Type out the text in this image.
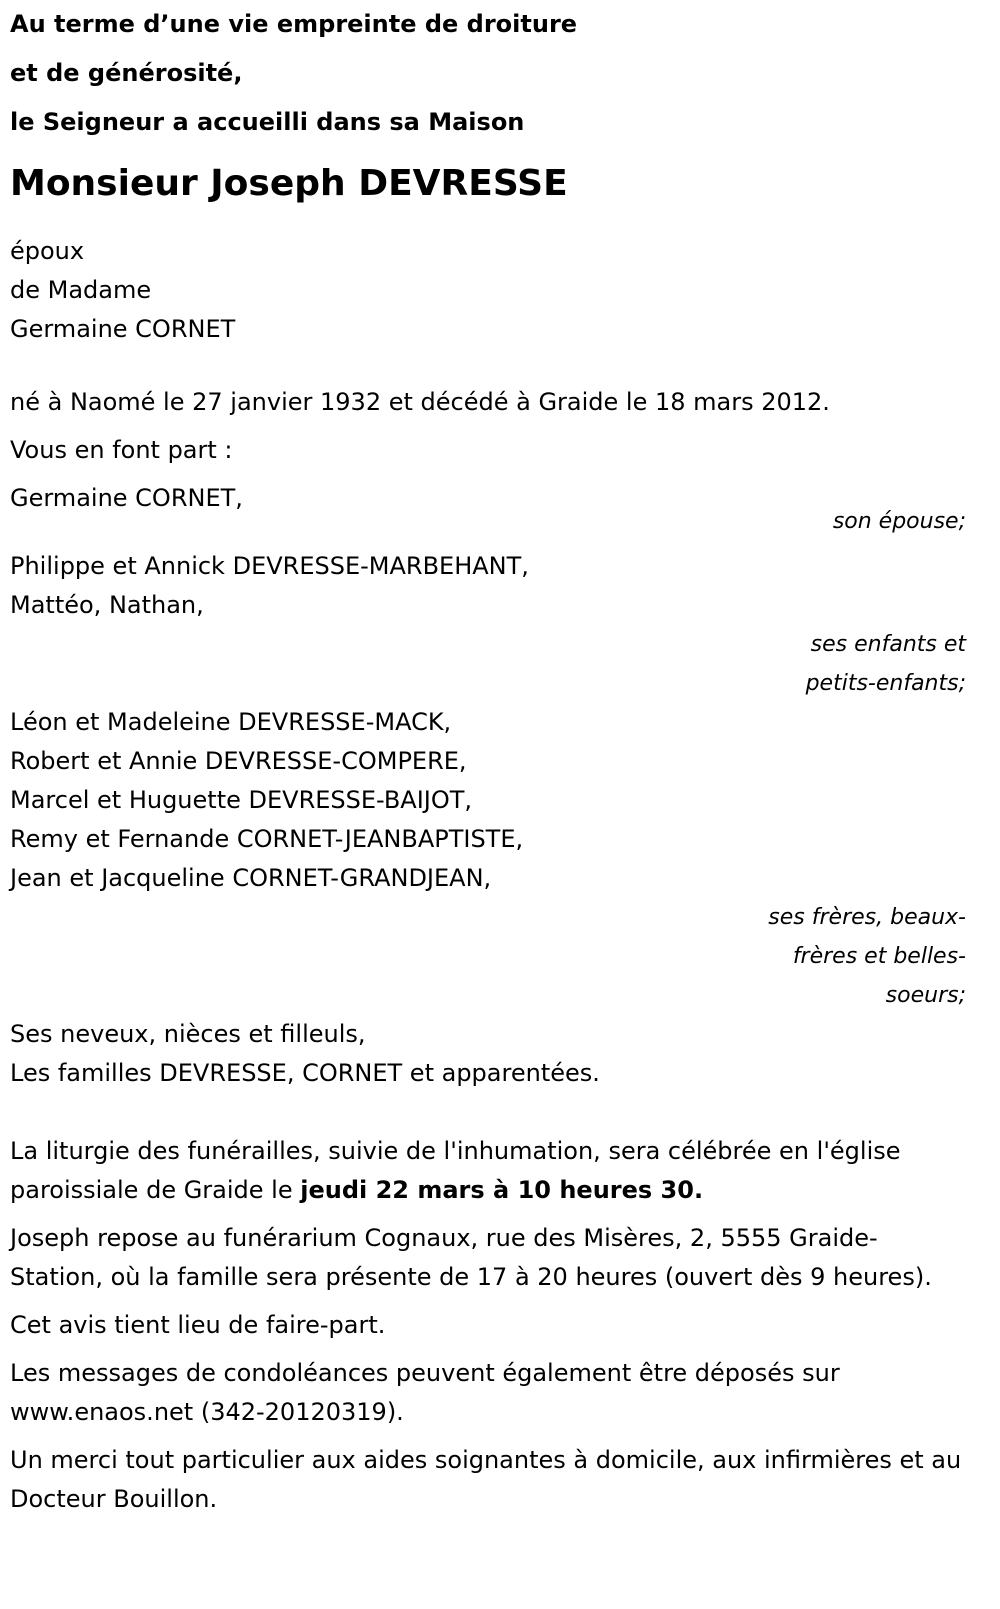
Au terme d’une vie empreinte de droiture
et de générosité,
le Seigneur a accueilli dans sa Maison
Monsieur Joseph DEVRESSE
époux
de Madame
Germaine CORNET
né à Naomé le 27 janvier 1932 et décédé à Graide le 18 mars 2012.
Vous en font part :
Germaine CORNET,
son épouse;
Philippe et Annick DEVRESSE-MARBEHANT,
Mattéo, Nathan,
ses enfants et
petits-enfants;
Léon et Madeleine DEVRESSE-MACK,
Robert et Annie DEVRESSE-COMPERE,
Marcel et Huguette DEVRESSE-BAIJOT,
Remy et Fernande CORNET-JEANBAPTISTE,
Jean et Jacqueline CORNET-GRANDJEAN,
ses frères, beaux-
frères et belles-
soeurs;
Ses neveux, nièces et filleuls,
Les familles DEVRESSE, CORNET et apparentées.
La liturgie des funérailles, suivie de l'inhumation, sera célébrée en l'église paroissiale de Graide le jeudi 22 mars à 10 heures 30.
Joseph repose au funérarium Cognaux, rue des Misères, 2, 5555 Graide-Station, où la famille sera présente de 17 à 20 heures (ouvert dès 9 heures).
Cet avis tient lieu de faire-part.
Les messages de condoléances peuvent également être déposés sur www.enaos.net (342-20120319).
Un merci tout particulier aux aides soignantes à domicile, aux infirmières et au Docteur Bouillon.
